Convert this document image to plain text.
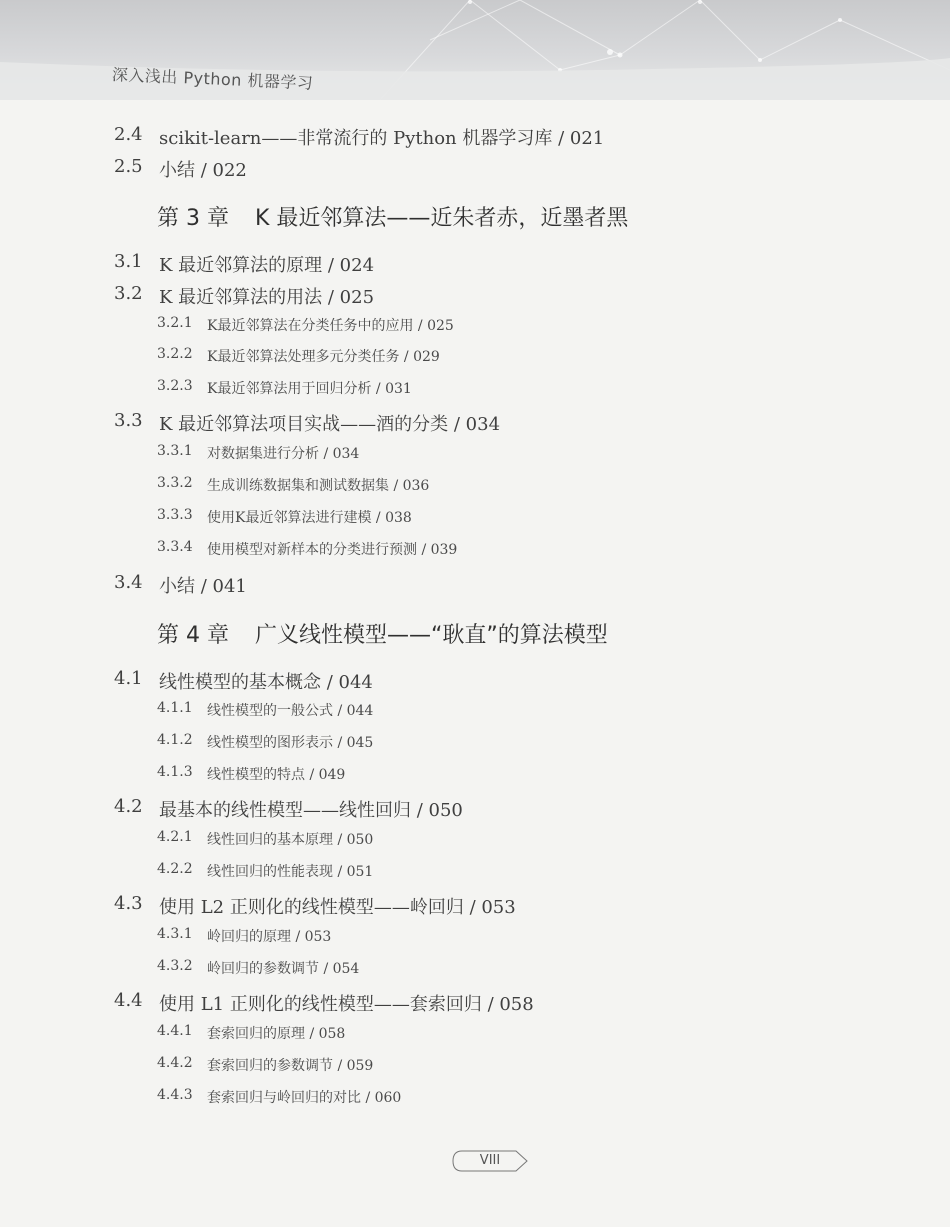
深入浅出 Python 机器学习
2.4 scikit-learn——非常流行的 Python 机器学习库 / 021
2.5 小结 / 022
第 3 章 K 最近邻算法——近朱者赤，近墨者黑
3.1 K 最近邻算法的原理 / 024
3.2 K 最近邻算法的用法 / 025
3.2.1 K最近邻算法在分类任务中的应用 / 025
3.2.2 K最近邻算法处理多元分类任务 / 029
3.2.3 K最近邻算法用于回归分析 / 031
3.3 K 最近邻算法项目实战——酒的分类 / 034
3.3.1 对数据集进行分析 / 034
3.3.2 生成训练数据集和测试数据集 / 036
3.3.3 使用K最近邻算法进行建模 / 038
3.3.4 使用模型对新样本的分类进行预测 / 039
3.4 小结 / 041
第 4 章 广义线性模型——“耿直”的算法模型
4.1 线性模型的基本概念 / 044
4.1.1 线性模型的一般公式 / 044
4.1.2 线性模型的图形表示 / 045
4.1.3 线性模型的特点 / 049
4.2 最基本的线性模型——线性回归 / 050
4.2.1 线性回归的基本原理 / 050
4.2.2 线性回归的性能表现 / 051
4.3 使用 L2 正则化的线性模型——岭回归 / 053
4.3.1 岭回归的原理 / 053
4.3.2 岭回归的参数调节 / 054
4.4 使用 L1 正则化的线性模型——套索回归 / 058
4.4.1 套索回归的原理 / 058
4.4.2 套索回归的参数调节 / 059
4.4.3 套索回归与岭回归的对比 / 060
VIII
